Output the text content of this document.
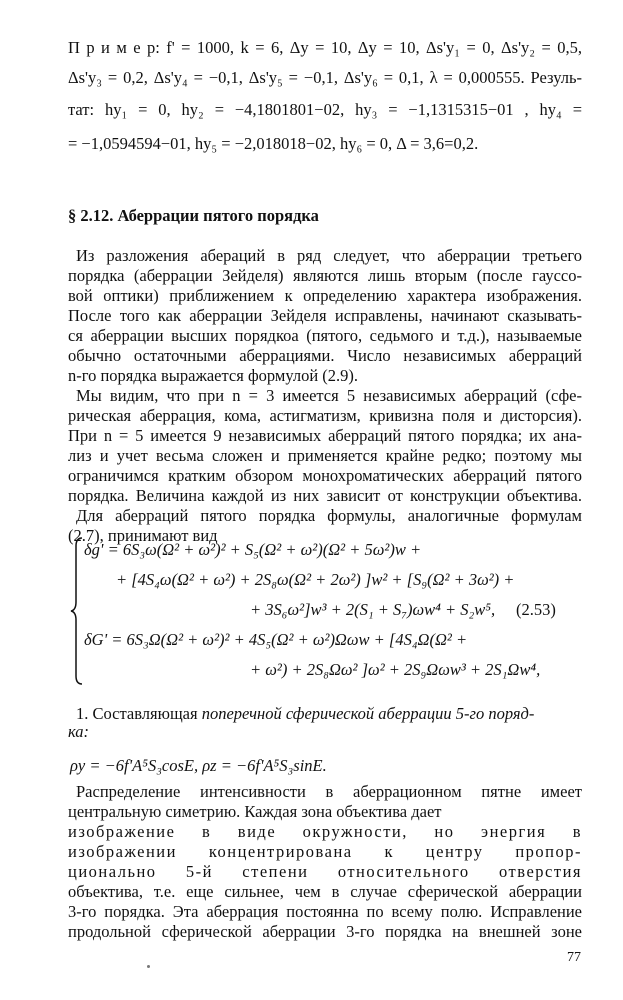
П р и м е р: f' = 1000, k = 6, Δy = 10, Δy = 10, Δs'y₁ = 0, Δs'y₂ = 0,5,
Δs'y₃ = 0,2, Δs'y₄ = −0,1, Δs'y₅ = −0,1, Δs'y₆ = 0,1, λ = 0,000555. Резуль-
тат: hy₁ = 0, hy₂ = −4,1801801−02, hy₃ = −1,1315315−01 , hy₄ =
= −1,0594594−01, hy₅ = −2,018018−02, hy₆ = 0, Δ = 3,6=0,2.
§ 2.12. Аберрации пятого порядка
Из разложения абераций в ряд следует, что аберрации третьего
порядка (аберрации Зейделя) являются лишь вторым (после гауссо-
вой оптики) приближением к определению характера изображения.
После того как аберрации Зейделя исправлены, начинают сказывать-
ся аберрации высших порядкоа (пятого, седьмого и т.д.), называемые
обычно остаточными аберрациями. Число независимых аберраций
n-го порядка выражается формулой (2.9).
Мы видим, что при n = 3 имеется 5 независимых аберраций (сфе-
рическая аберрация, кома, астигматизм, кривизна поля и дисторсия).
При n = 5 имеется 9 независимых аберраций пятого порядка; их ана-
лиз и учет весьма сложен и применяется крайне редко; поэтому мы
ограничимся кратким обзором монохроматических аберраций пятого
порядка. Величина каждой из них зависит от конструкции объектива.
Для аберраций пятого порядка формулы, аналогичные формулам
(2.7), принимают вид
δg' = 6S₃ω(Ω² + ω²)² + S₅(Ω² + ω²)(Ω² + 5ω²)w +
+ [4S₄ω(Ω² + ω²) + 2S₈ω(Ω² + 2ω²) ]w² + [S₉(Ω² + 3ω²) +
+ 3S₆ω²]w³ + 2(S₁ + S₇)ωw⁴ + S₂w⁵, (2.53)
δG' = 6S₃Ω(Ω² + ω²)² + 4S₅(Ω² + ω²)Ωωw + [4S₄Ω(Ω² +
+ ω²) + 2S₈Ωω² ]ω² + 2S₉Ωωw³ + 2S₁Ωw⁴,
1. Составляющая поперечной сферической аберрации 5-го поряд-
ка:
ρy = −6f'A⁵S₃cosE, ρz = −6f'A⁵S₃sinE.
Распределение интенсивности в аберрационном пятне имеет
центральную симетрию. Каждая зона объектива дает
изображение в виде окружности, но энергия в
изображении концентрирована к центру пропор-
ционально 5-й степени относительного отверстия
объектива, т.е. еще сильнее, чем в случае сферической аберрации
3-го порядка. Эта аберрация постоянна по всему полю. Исправление
продольной сферической аберрации 3-го порядка на внешней зоне
77
